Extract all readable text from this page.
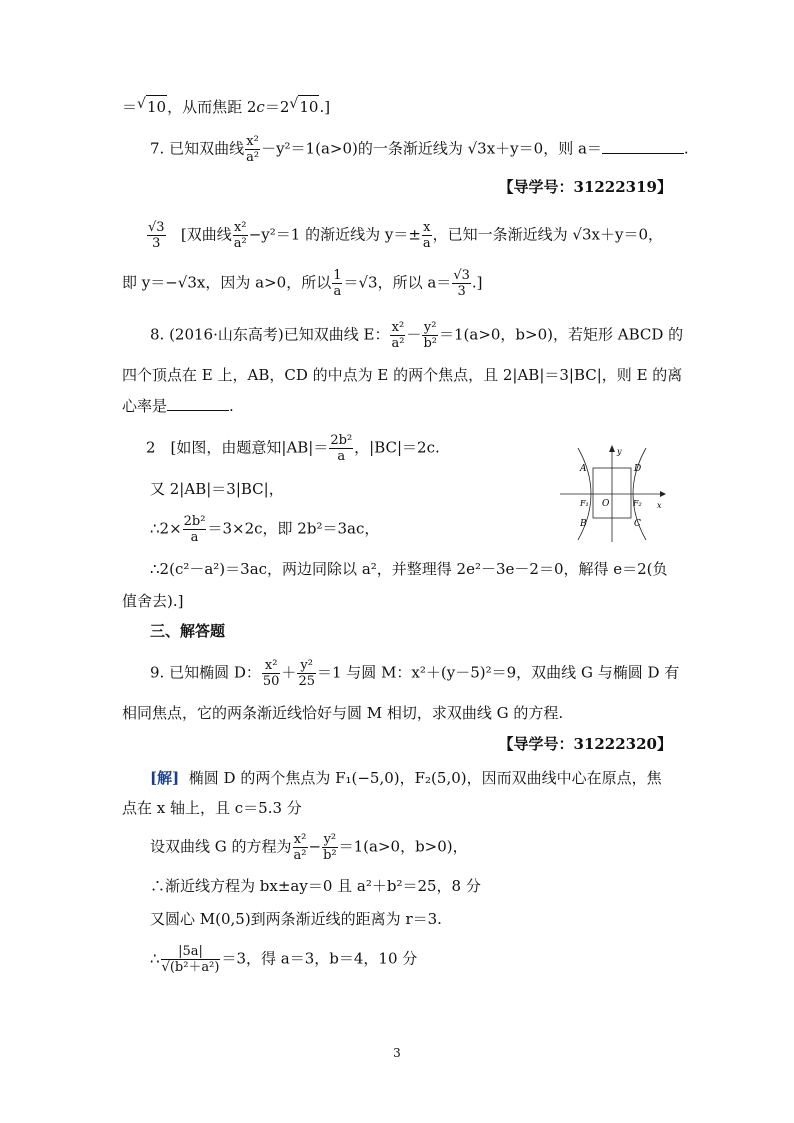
＝ √ 10，从而焦距 2c＝2 √ 10.]
7. 已知双曲线 $\frac{\text{x²}}{\text{a²}} -y^2=1(a>0)$的一条渐近线为 √3x＋y＝0，则 a＝	.
【导学号：31222319】
$\frac{√3}{3}$ [双曲线 $\frac{\text{x²}}{\text{a²}} -y^2=1$ 的渐近线为 $y=\pm \frac{x}{a}$ ，已知一条渐近线为 √3x＋y＝0，
即 y＝−√3x，因为 a>0，所以 $\frac{1}{a} =√3$，所以 $a= \frac{√3}{3}$ .]
8. (2016·山东高考)已知双曲线 E： $\frac{\text{x²}}{\text{a²}} - \frac{\text{y²}}{\text{b²}} =1(a>0$，b>0)，若矩形 ABCD 的
四个顶点在 E 上，AB，CD 的中点为 E 的两个焦点，且 2|AB|＝3|BC|，则 E 的离
心率是	.
2　[如图，由题意知$|AB|= \frac{\text{2b²}}{a}$ ，|BC|＝2c.
又 2|AB|＝3|BC|，
∴2× $\frac{\text{2b²}}{a} =3\times 2c$，即 2b²＝3ac，
∴2(c²－a²)＝3ac，两边同除以 a²，并整理得 2e²－3e－2＝0，解得 e＝2(负
值舍去).]
A	D
F₁ O	F₂
B	C
y
x
三、解答题
9. 已知椭圆 D： $\frac{\text{x²}}{50} + \frac{\text{y²}}{25} =1$ 与圆 M：x²＋(y－5)²＝9，双曲线 G 与椭圆 D 有
相同焦点，它的两条渐近线恰好与圆 M 相切，求双曲线 G 的方程.
【导学号：31222320】
[解] 椭圆 D 的两个焦点为 F₁(−5,0)，F₂(5,0)，因而双曲线中心在原点，焦
点在 x 轴上，且 c＝5.3 分
设双曲线 G 的方程为 $\frac{\text{x²}}{\text{a²}} - \frac{\text{y²}}{\text{b²}} =1(a>0$，b>0)，
∴渐近线方程为 bx±ay＝0 且 a²＋b²＝25，8 分
又圆心 M(0,5)到两条渐近线的距离为 r＝3.
∴ $\frac{|5a|}{\text{√(b²＋a²)}} =3$，得 a＝3，b＝4，10 分
3
